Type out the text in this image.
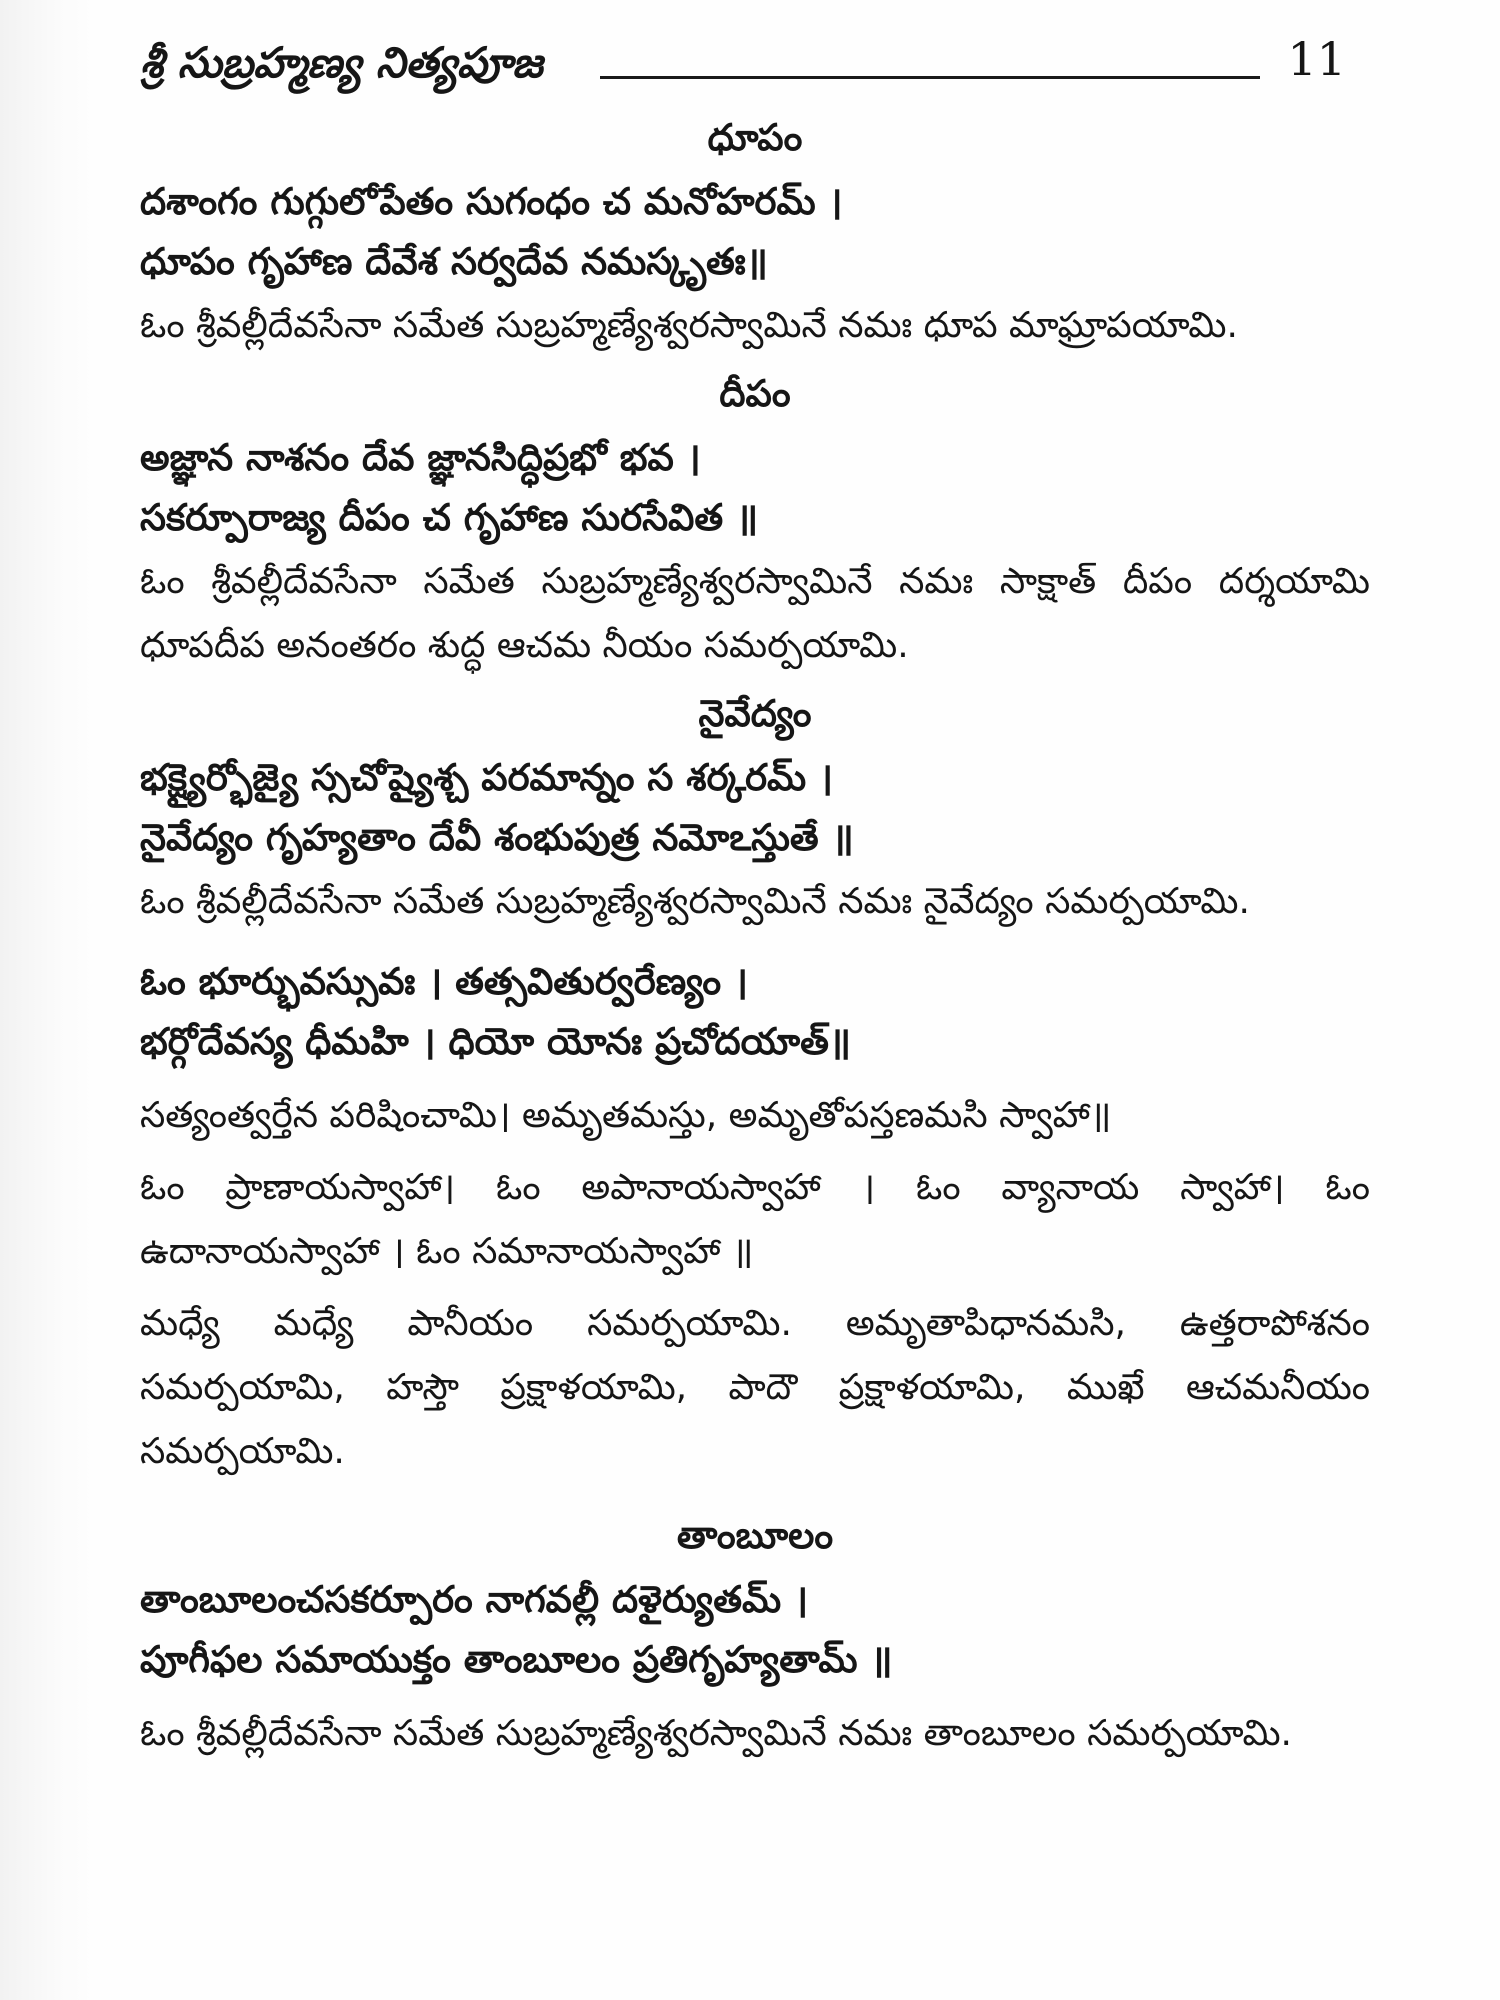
శ్రీ సుబ్రహ్మణ్య నిత్యపూజ	11
ధూపం

దశాంగం గుగ్గులోపేతం సుగంధం చ మనోహరమ్ ।

ధూపం గృహాణ దేవేశ సర్వదేవ నమస్కృతః॥

ఓం శ్రీవల్లీదేవసేనా సమేత సుబ్రహ్మణ్యేశ్వరస్వామినే నమః ధూప మాఘ్రాపయామి.

దీపం

అజ్ఞాన నాశనం దేవ జ్ఞానసిద్ధిప్రభో భవ ।

సకర్పూరాజ్య దీపం చ గృహాణ సురసేవిత ॥

ఓం శ్రీవల్లీదేవసేనా సమేత సుబ్రహ్మణ్యేశ్వరస్వామినే నమః సాక్షాత్ దీపం దర్శయామి ధూపదీప అనంతరం శుద్ధ ఆచమ నీయం సమర్పయామి.

నైవేద్యం

భక్ష్యైర్భోజ్యై స్సచోష్యైశ్చ పరమాన్నం స శర్కరమ్ ।

నైవేద్యం గృహ్యతాం దేవీ శంభుపుత్ర నమోఽస్తుతే ॥

ఓం శ్రీవల్లీదేవసేనా సమేత సుబ్రహ్మణ్యేశ్వరస్వామినే నమః నైవేద్యం సమర్పయామి.

ఓం భూర్భువస్సువః । తత్సవితుర్వరేణ్యం ।

భర్గోదేవస్య ధీమహి । ధియో యోనః ప్రచోదయాత్॥

సత్యంత్వర్తేన పరిషించామి। అమృతమస్తు, అమృతోపస్తణమసి స్వాహా॥

ఓం ప్రాణాయస్వాహా। ఓం అపానాయస్వాహా । ఓం వ్యానాయ స్వాహా। ఓం ఉదానాయస్వాహా । ఓం సమానాయస్వాహా ॥

మధ్యే మధ్యే పానీయం సమర్పయామి. అమృతాపిధానమసి, ఉత్తరాపోశనం సమర్పయామి, హస్తౌ ప్రక్షాళయామి, పాదౌ ప్రక్షాళయామి, ముఖే ఆచమనీయం సమర్పయామి.

తాంబూలం

తాంబూలంచసకర్పూరం నాగవల్లీ దళైర్యుతమ్ ।

పూగీఫల సమాయుక్తం తాంబూలం ప్రతిగృహ్యతామ్ ॥

ఓం శ్రీవల్లీదేవసేనా సమేత సుబ్రహ్మణ్యేశ్వరస్వామినే నమః తాంబూలం సమర్పయామి.
